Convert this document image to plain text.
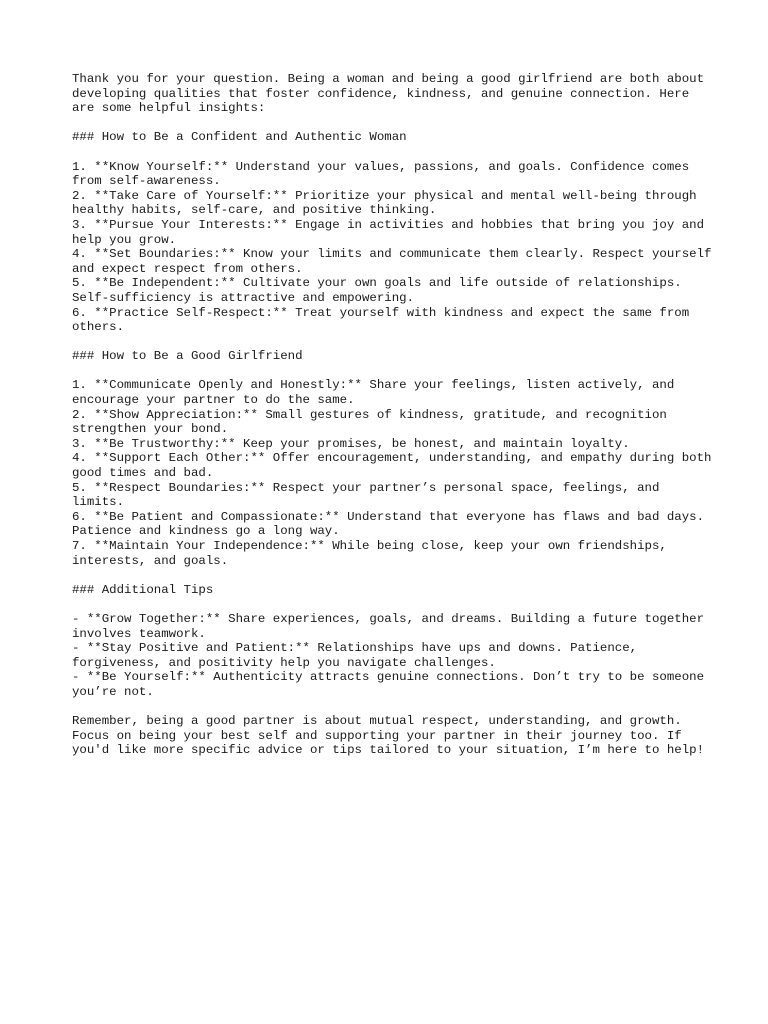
Thank you for your question. Being a woman and being a good girlfriend are both about developing qualities that foster confidence, kindness, and genuine connection. Here are some helpful insights:

### How to Be a Confident and Authentic Woman

1. **Know Yourself:** Understand your values, passions, and goals. Confidence comes from self-awareness.

2. **Take Care of Yourself:** Prioritize your physical and mental well-being through healthy habits, self-care, and positive thinking.

3. **Pursue Your Interests:** Engage in activities and hobbies that bring you joy and help you grow.

4. **Set Boundaries:** Know your limits and communicate them clearly. Respect yourself and expect respect from others.

5. **Be Independent:** Cultivate your own goals and life outside of relationships. Self-sufficiency is attractive and empowering.

6. **Practice Self-Respect:** Treat yourself with kindness and expect the same from others.

### How to Be a Good Girlfriend

1. **Communicate Openly and Honestly:** Share your feelings, listen actively, and encourage your partner to do the same.

2. **Show Appreciation:** Small gestures of kindness, gratitude, and recognition strengthen your bond.

3. **Be Trustworthy:** Keep your promises, be honest, and maintain loyalty.

4. **Support Each Other:** Offer encouragement, understanding, and empathy during both good times and bad.

5. **Respect Boundaries:** Respect your partner’s personal space, feelings, and limits.

6. **Be Patient and Compassionate:** Understand that everyone has flaws and bad days. Patience and kindness go a long way.

7. **Maintain Your Independence:** While being close, keep your own friendships, interests, and goals.

### Additional Tips

- **Grow Together:** Share experiences, goals, and dreams. Building a future together involves teamwork.

- **Stay Positive and Patient:** Relationships have ups and downs. Patience, forgiveness, and positivity help you navigate challenges.

- **Be Yourself:** Authenticity attracts genuine connections. Don’t try to be someone you’re not.

Remember, being a good partner is about mutual respect, understanding, and growth. Focus on being your best self and supporting your partner in their journey too. If you'd like more specific advice or tips tailored to your situation, I’m here to help!
